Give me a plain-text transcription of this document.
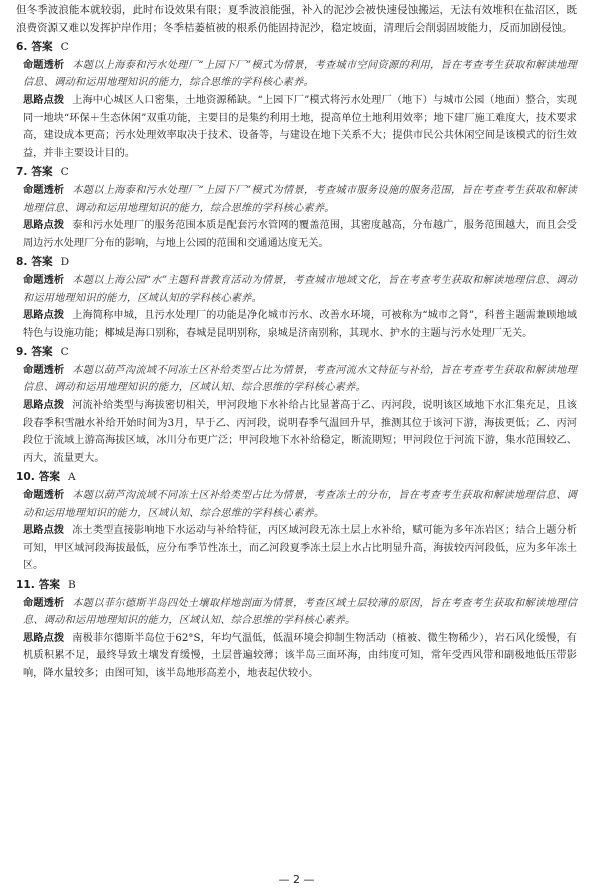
但冬季波浪能本就较弱，此时布设效果有限；夏季波浪能强，补入的泥沙会被快速侵蚀搬运，无法有效堆积在盐沼区，既浪费资源又难以发挥护岸作用；冬季桔萎植被的根系仍能固持泥沙，稳定坡面，清理后会削弱固坡能力，反而加剧侵蚀。

6. 答案 C

命题透析 本题以上海泰和污水处理厂“上园下厂”模式为情景，考查城市空间资源的利用，旨在考查考生获取和解读地理信息、调动和运用地理知识的能力，综合思维的学科核心素养。

思路点拨 上海中心城区人口密集，土地资源稀缺。“上园下厂”模式将污水处理厂（地下）与城市公园（地面）整合，实现同一地块“环保＋生态休闲”双重功能，主要目的是集约利用土地，提高单位土地利用效率；地下建厂施工难度大，技术要求高，建设成本更高；污水处理效率取决于技术、设备等，与建设在地下关系不大；提供市民公共休闲空间是该模式的衍生效益，并非主要设计目的。

7. 答案 C

命题透析 本题以上海泰和污水处理厂“上园下厂”模式为情景，考查城市服务设施的服务范围，旨在考查考生获取和解读地理信息、调动和运用地理知识的能力，综合思维的学科核心素养。

思路点拨 泰和污水处理厂的服务范围本质是配套污水管网的覆盖范围，其密度越高，分布越广，服务范围越大，而且会受周边污水处理厂分布的影响，与地上公园的范围和交通通达度无关。

8. 答案 D

命题透析 本题以上海公园“水”主题科普教育活动为情景，考查城市地域文化，旨在考查考生获取和解读地理信息、调动和运用地理知识的能力，区域认知的学科核心素养。

思路点拨 上海简称申城，且污水处理厂的功能是净化城市污水、改善水环境，可被称为“城市之肾”，科普主题需兼顾地域特色与设施功能；椰城是海口别称，春城是昆明别称，泉城是济南别称，其现水、护水的主题与污水处理厂无关。

9. 答案 C

命题透析 本题以葫芦沟流域不同冻土区补给类型占比为情景，考查河流水文特征与补给，旨在考查考生获取和解读地理信息、调动和运用地理知识的能力，区域认知、综合思维的学科核心素养。

思路点拨 河流补给类型与海拔密切相关，甲河段地下水补给占比显著高于乙、丙河段，说明该区域地下水汇集充足，且该段春季积雪融水补给开始时间为3月，早于乙、丙河段，说明春季气温回升早，推测其位于该河下游，海拔更低；乙、丙河段位于流域上游高海拔区域，冰川分布更广泛；甲河段地下水补给稳定，断流期短；甲河段位于河流下游，集水范围较乙、丙大，流量更大。

10. 答案 A

命题透析 本题以葫芦沟流域不同冻土区补给类型占比为情景，考查冻土的分布，旨在考查考生获取和解读地理信息、调动和运用地理知识的能力，区域认知、综合思维的学科核心素养。

思路点拨 冻土类型直接影响地下水运动与补给特征，丙区域河段无冻土层上水补给，赋可能为多年冻岩区；结合上题分析可知，甲区域河段海拔最低，应分布季节性冻土，而乙河段夏季冻土层上水占比明显升高，海拔较丙河段低，应为多年冻土区。

11. 答案 B

命题透析 本题以菲尔德斯半岛四处土壤取样地剖面为情景，考查区域土层较薄的原因，旨在考查考生获取和解读地理信息、调动和运用地理知识的能力，区域认知、综合思维的学科核心素养。

思路点拨 南极菲尔德斯半岛位于62°S，年均气温低，低温环境会抑制生物活动（植被、微生物稀少），岩石风化缓慢，有机质积累不足，最终导致土壤发育缓慢，土层普遍较薄；该半岛三面环海，由纬度可知，常年受西风带和副极地低压带影响，降水量较多；由图可知，该半岛地形高差小，地表起伏较小。

— 2 —
